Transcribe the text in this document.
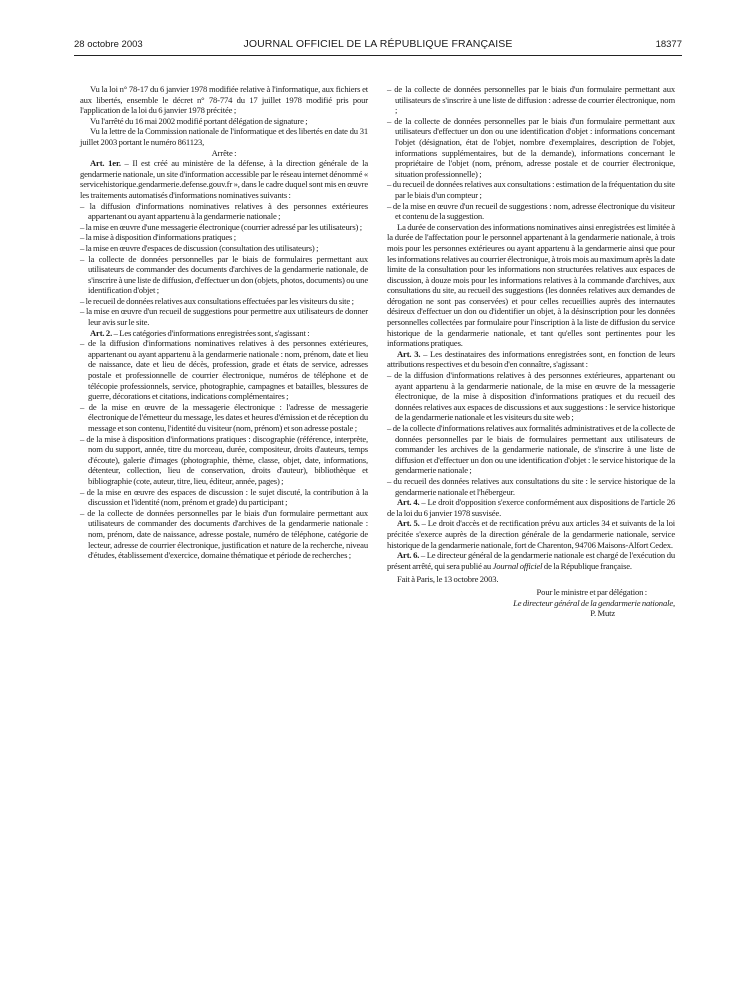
28 octobre 2003	JOURNAL OFFICIEL DE LA RÉPUBLIQUE FRANÇAISE	18377

Vu la loi n° 78-17 du 6 janvier 1978 modifiée relative à l'informatique, aux fichiers et aux libertés, ensemble le décret n° 78-774 du 17 juillet 1978 modifié pris pour l'application de la loi du 6 janvier 1978 précitée ;

Vu l'arrêté du 16 mai 2002 modifié portant délégation de signature ;

Vu la lettre de la Commission nationale de l'informatique et des libertés en date du 31 juillet 2003 portant le numéro 861123,

Arrête :

Art. 1er. – Il est créé au ministère de la défense, à la direction générale de la gendarmerie nationale, un site d'information accessible par le réseau internet dénommé « servicehistorique.gendarmerie.defense.gouv.fr », dans le cadre duquel sont mis en œuvre les traitements automatisés d'informations nominatives suivants :

– la diffusion d'informations nominatives relatives à des personnes extérieures appartenant ou ayant appartenu à la gendarmerie nationale ;

– la mise en œuvre d'une messagerie électronique (courrier adressé par les utilisateurs) ;

– la mise à disposition d'informations pratiques ;

– la mise en œuvre d'espaces de discussion (consultation des utilisateurs) ;

– la collecte de données personnelles par le biais de formulaires permettant aux utilisateurs de commander des documents d'archives de la gendarmerie nationale, de s'inscrire à une liste de diffusion, d'effectuer un don (objets, photos, documents) ou une identification d'objet ;

– le recueil de données relatives aux consultations effectuées par les visiteurs du site ;

– la mise en œuvre d'un recueil de suggestions pour permettre aux utilisateurs de donner leur avis sur le site.

Art. 2. – Les catégories d'informations enregistrées sont, s'agissant :

– de la diffusion d'informations nominatives relatives à des personnes extérieures, appartenant ou ayant appartenu à la gendarmerie nationale : nom, prénom, date et lieu de naissance, date et lieu de décès, profession, grade et états de service, adresses postale et professionnelle de courrier électronique, numéros de téléphone et de télécopie professionnels, service, photographie, campagnes et batailles, blessures de guerre, décorations et citations, indications complémentaires ;

– de la mise en œuvre de la messagerie électronique : l'adresse de messagerie électronique de l'émetteur du message, les dates et heures d'émission et de réception du message et son contenu, l'identité du visiteur (nom, prénom) et son adresse postale ;

– de la mise à disposition d'informations pratiques : discographie (référence, interprète, nom du support, année, titre du morceau, durée, compositeur, droits d'auteurs, temps d'écoute), galerie d'images (photographie, thème, classe, objet, date, informations, détenteur, collection, lieu de conservation, droits d'auteur), bibliothèque et bibliographie (cote, auteur, titre, lieu, éditeur, année, pages) ;

– de la mise en œuvre des espaces de discussion : le sujet discuté, la contribution à la discussion et l'identité (nom, prénom et grade) du participant ;

– de la collecte de données personnelles par le biais d'un formulaire permettant aux utilisateurs de commander des documents d'archives de la gendarmerie nationale : nom, prénom, date de naissance, adresse postale, numéro de téléphone, catégorie de lecteur, adresse de courrier électronique, justification et nature de la recherche, niveau d'études, établissement d'exercice, domaine thématique et période de recherches ;

– de la collecte de données personnelles par le biais d'un formulaire permettant aux utilisateurs de s'inscrire à une liste de diffusion : adresse de courrier électronique, nom ;

– de la collecte de données personnelles par le biais d'un formulaire permettant aux utilisateurs d'effectuer un don ou une identification d'objet : informations concernant l'objet (désignation, état de l'objet, nombre d'exemplaires, description de l'objet, informations supplémentaires, but de la demande), informations concernant le propriétaire de l'objet (nom, prénom, adresse postale et de courrier électronique, situation professionnelle) ;

– du recueil de données relatives aux consultations : estimation de la fréquentation du site par le biais d'un compteur ;

– de la mise en œuvre d'un recueil de suggestions : nom, adresse électronique du visiteur et contenu de la suggestion.

La durée de conservation des informations nominatives ainsi enregistrées est limitée à la durée de l'affectation pour le personnel appartenant à la gendarmerie nationale, à trois mois pour les personnes extérieures ou ayant appartenu à la gendarmerie ainsi que pour les informations relatives au courrier électronique, à trois mois au maximum après la date limite de la consultation pour les informations non structurées relatives aux espaces de discussion, à douze mois pour les informations relatives à la commande d'archives, aux consultations du site, au recueil des suggestions (les données relatives aux demandes de dérogation ne sont pas conservées) et pour celles recueillies auprès des internautes désireux d'effectuer un don ou d'identifier un objet, à la désinscription pour les données personnelles collectées par formulaire pour l'inscription à la liste de diffusion du service historique de la gendarmerie nationale, et tant qu'elles sont pertinentes pour les informations pratiques.

Art. 3. – Les destinataires des informations enregistrées sont, en fonction de leurs attributions respectives et du besoin d'en connaître, s'agissant :

– de la diffusion d'informations relatives à des personnes extérieures, appartenant ou ayant appartenu à la gendarmerie nationale, de la mise en œuvre de la messagerie électronique, de la mise à disposition d'informations pratiques et du recueil des données relatives aux espaces de discussions et aux suggestions : le service historique de la gendarmerie nationale et les visiteurs du site web ;

– de la collecte d'informations relatives aux formalités administratives et de la collecte de données personnelles par le biais de formulaires permettant aux utilisateurs de commander les archives de la gendarmerie nationale, de s'inscrire à une liste de diffusion et d'effectuer un don ou une identification d'objet : le service historique de la gendarmerie nationale ;

– du recueil des données relatives aux consultations du site : le service historique de la gendarmerie nationale et l'hébergeur.

Art. 4. – Le droit d'opposition s'exerce conformément aux dispositions de l'article 26 de la loi du 6 janvier 1978 susvisée.

Art. 5. – Le droit d'accès et de rectification prévu aux articles 34 et suivants de la loi précitée s'exerce auprès de la direction générale de la gendarmerie nationale, service historique de la gendarmerie nationale, fort de Charenton, 94706 Maisons-Alfort Cedex.

Art. 6. – Le directeur général de la gendarmerie nationale est chargé de l'exécution du présent arrêté, qui sera publié au Journal officiel de la République française.

Fait à Paris, le 13 octobre 2003.

Pour le ministre et par délégation :

Le directeur général de la gendarmerie nationale,

P. Mutz
